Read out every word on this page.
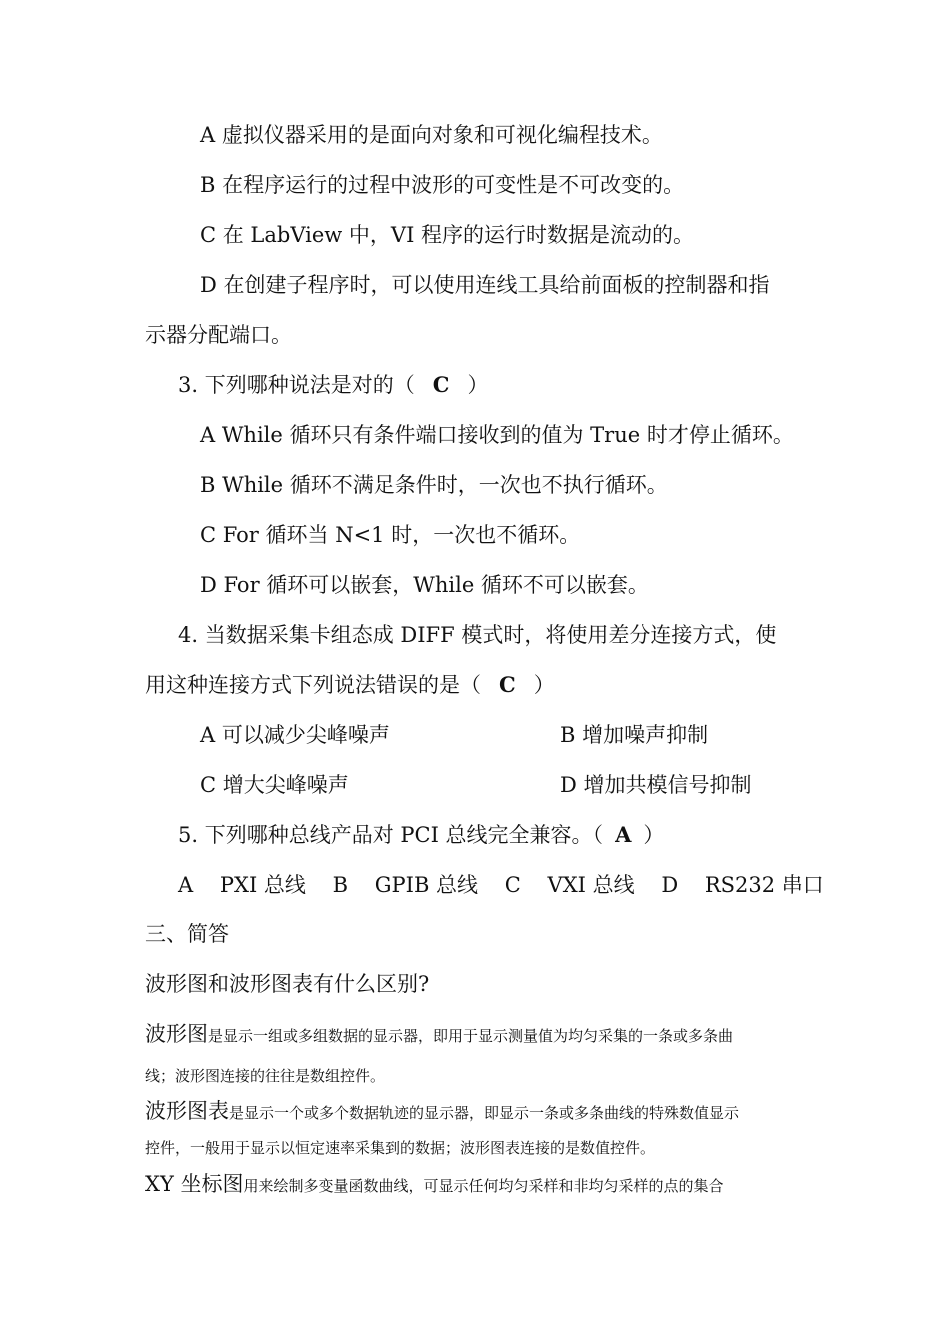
A 虚拟仪器采用的是面向对象和可视化编程技术。
B 在程序运行的过程中波形的可变性是不可改变的。
C 在 LabView 中，VI 程序的运行时数据是流动的。
D 在创建子程序时，可以使用连线工具给前面板的控制器和指
示器分配端口。
3. 下列哪种说法是对的（ C ）
A While 循环只有条件端口接收到的值为 True 时才停止循环。
B While 循环不满足条件时，一次也不执行循环。
C For 循环当 N<1 时，一次也不循环。
D For 循环可以嵌套，While 循环不可以嵌套。
4. 当数据采集卡组态成 DIFF 模式时，将使用差分连接方式，使
用这种连接方式下列说法错误的是（ C ）
A 可以减少尖峰噪声	B 增加噪声抑制
C 增大尖峰噪声	D 增加共模信号抑制
5. 下列哪种总线产品对 PCI 总线完全兼容。（ A ）
A    PXI 总线    B    GPIB 总线    C    VXI 总线    D    RS232 串口
三、简答
波形图和波形图表有什么区别?
波形图是显示一组或多组数据的显示器，即用于显示测量值为均匀采集的一条或多条曲
线；波形图连接的往往是数组控件。
波形图表是显示一个或多个数据轨迹的显示器，即显示一条或多条曲线的特殊数值显示
控件，一般用于显示以恒定速率采集到的数据；波形图表连接的是数值控件。
XY 坐标图用来绘制多变量函数曲线，可显示任何均匀采样和非均匀采样的点的集合
